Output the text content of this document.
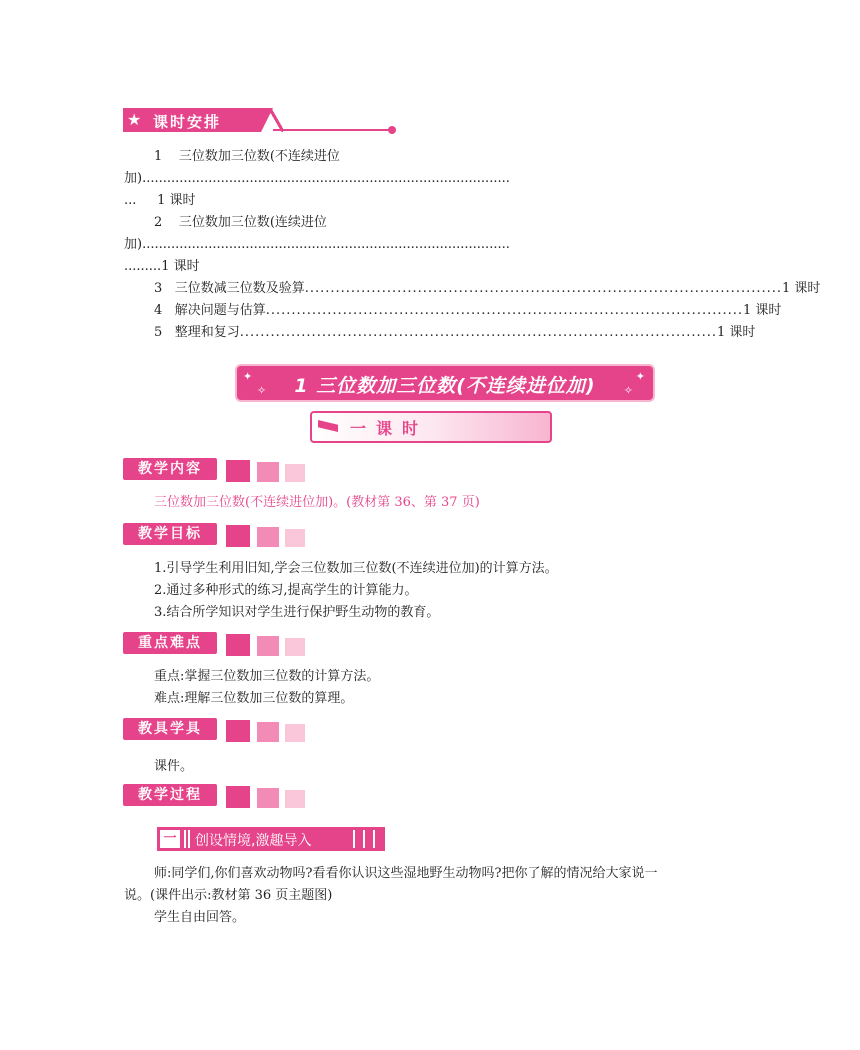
★ 课时安排
1 三位数加三位数(不连续进位
加).........................................................................................
...     1 课时
2 三位数加三位数(连续进位
加).........................................................................................
.........1 课时
3 三位数减三位数及验算 ............................................................................................. 1 课时
4 解决问题与估算 ............................................................................................. 1 课时
5 整理和复习 ............................................................................................. 1 课时
✦
✧
✦
✧
1 三位数加三位数(不连续进位加)
一课时
教学内容
三位数加三位数(不连续进位加)。(教材第 36、第 37 页)
教学目标
1.引导学生利用旧知,学会三位数加三位数(不连续进位加)的计算方法。
2.通过多种形式的练习,提高学生的计算能力。
3.结合所学知识对学生进行保护野生动物的教育。
重点难点
重点:掌握三位数加三位数的计算方法。
难点:理解三位数加三位数的算理。
教具学具
课件。
教学过程
一 创设情境,激趣导入
师:同学们,你们喜欢动物吗?看看你认识这些湿地野生动物吗?把你了解的情况给大家说一
说。(课件出示:教材第 36 页主题图)
学生自由回答。
